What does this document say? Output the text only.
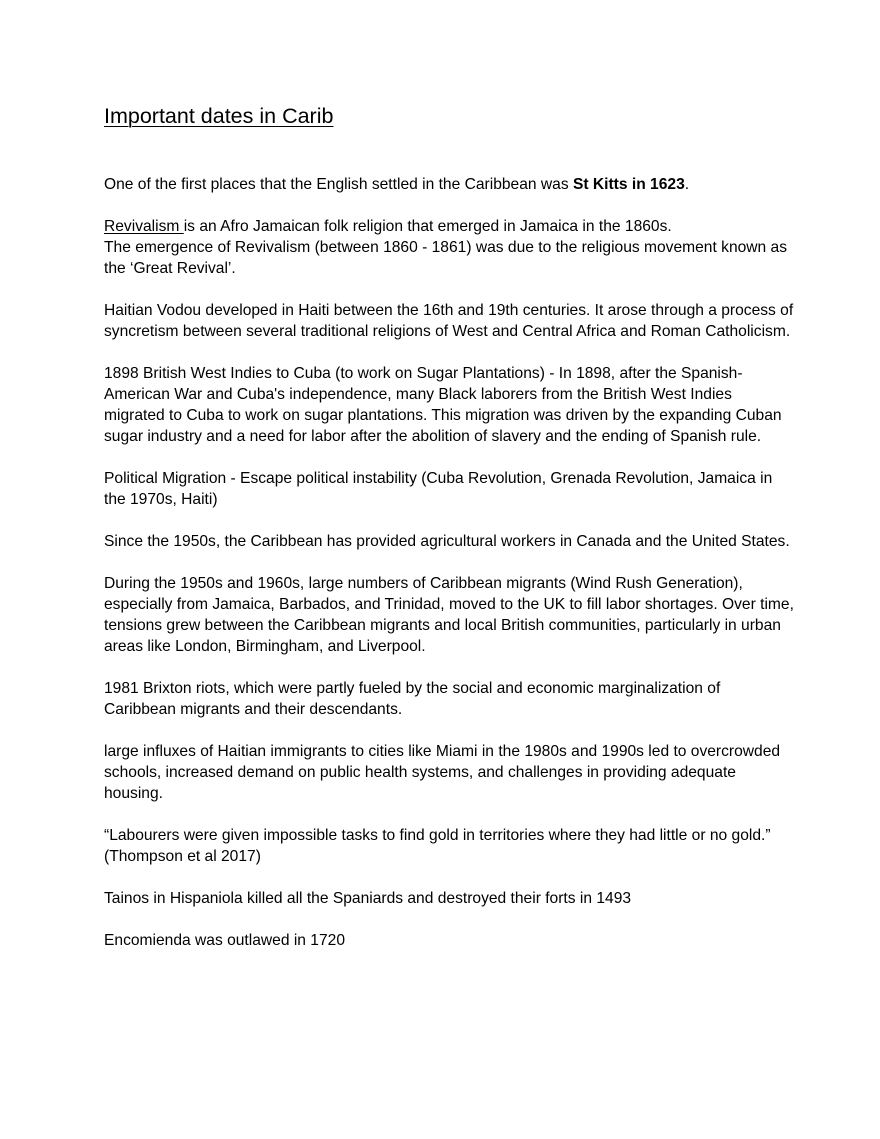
Important dates in Carib

One of the first places that the English settled in the Caribbean was St Kitts in 1623.

Revivalism is an Afro Jamaican folk religion that emerged in Jamaica in the 1860s.
The emergence of Revivalism (between 1860 - 1861) was due to the religious movement known as the ‘Great Revival’.

Haitian Vodou developed in Haiti between the 16th and 19th centuries. It arose through a process of syncretism between several traditional religions of West and Central Africa and Roman Catholicism.

1898 British West Indies to Cuba (to work on Sugar Plantations) - In 1898, after the Spanish-American War and Cuba's independence, many Black laborers from the British West Indies migrated to Cuba to work on sugar plantations. This migration was driven by the expanding Cuban sugar industry and a need for labor after the abolition of slavery and the ending of Spanish rule.

Political Migration - Escape political instability (Cuba Revolution, Grenada Revolution, Jamaica in the 1970s, Haiti)

Since the 1950s, the Caribbean has provided agricultural workers in Canada and the United States.

During the 1950s and 1960s, large numbers of Caribbean migrants (Wind Rush Generation), especially from Jamaica, Barbados, and Trinidad, moved to the UK to fill labor shortages. Over time, tensions grew between the Caribbean migrants and local British communities, particularly in urban areas like London, Birmingham, and Liverpool.

1981 Brixton riots, which were partly fueled by the social and economic marginalization of Caribbean migrants and their descendants.

large influxes of Haitian immigrants to cities like Miami in the 1980s and 1990s led to overcrowded schools, increased demand on public health systems, and challenges in providing adequate housing.

“Labourers were given impossible tasks to find gold in territories where they had little or no gold.” (Thompson et al 2017)

Tainos in Hispaniola killed all the Spaniards and destroyed their forts in 1493

Encomienda was outlawed in 1720
